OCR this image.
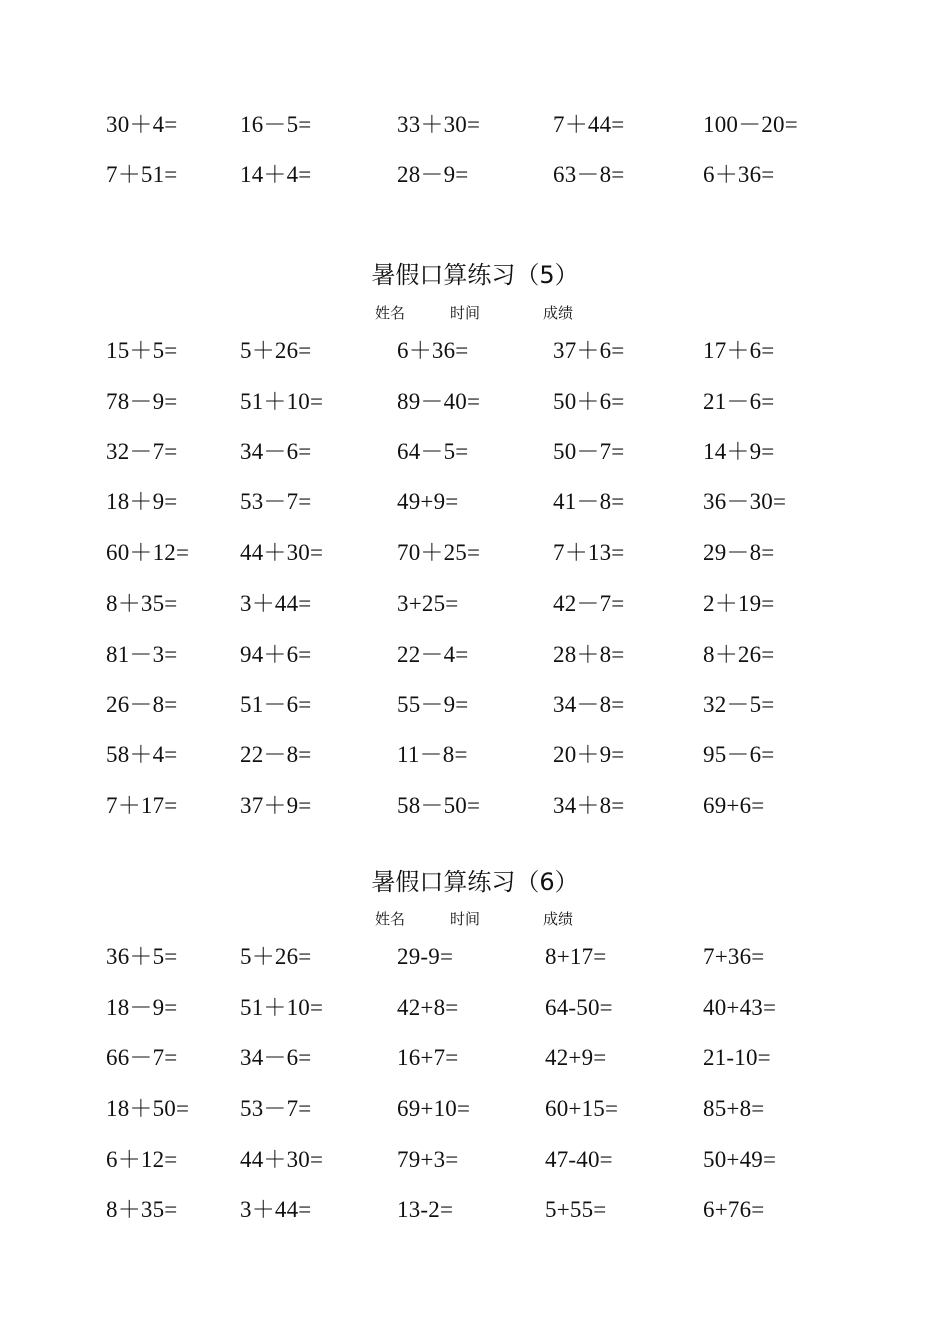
30＋4=	16－5=	33＋30=	7＋44=	100－20=
7＋51=	14＋4=	28－9=	63－8=	6＋36=
暑假口算练习（5）
姓名	时间	成绩
15＋5=	5＋26=	6＋36=	37＋6=	17＋6=
78－9=	51＋10=	89－40=	50＋6=	21－6=
32－7=	34－6=	64－5=	50－7=	14＋9=
18＋9=	53－7=	49+9=	41－8=	36－30=
60＋12= 44＋30=	70＋25=	7＋13=	29－8=
8＋35=	3＋44=	3+25=	42－7=	2＋19=
81－3=	94＋6=	22－4=	28＋8=	8＋26=
26－8=	51－6=	55－9=	34－8=	32－5=
58＋4=	22－8=	11－8=	20＋9=	95－6=
7＋17=	37＋9=	58－50=	34＋8=	69+6=
暑假口算练习（6）
姓名	时间	成绩
36＋5=	5＋26=	29-9=	8+17=	7+36=
18－9=	51＋10=	42+8=	64-50=	40+43=
66－7=	34－6=	16+7=	42+9=	21-10=
18＋50= 53－7=	69+10=	60+15=	85+8=
6＋12=	44＋30=	79+3=	47-40=	50+49=
8＋35=	3＋44=	13-2=	5+55=	6+76=
